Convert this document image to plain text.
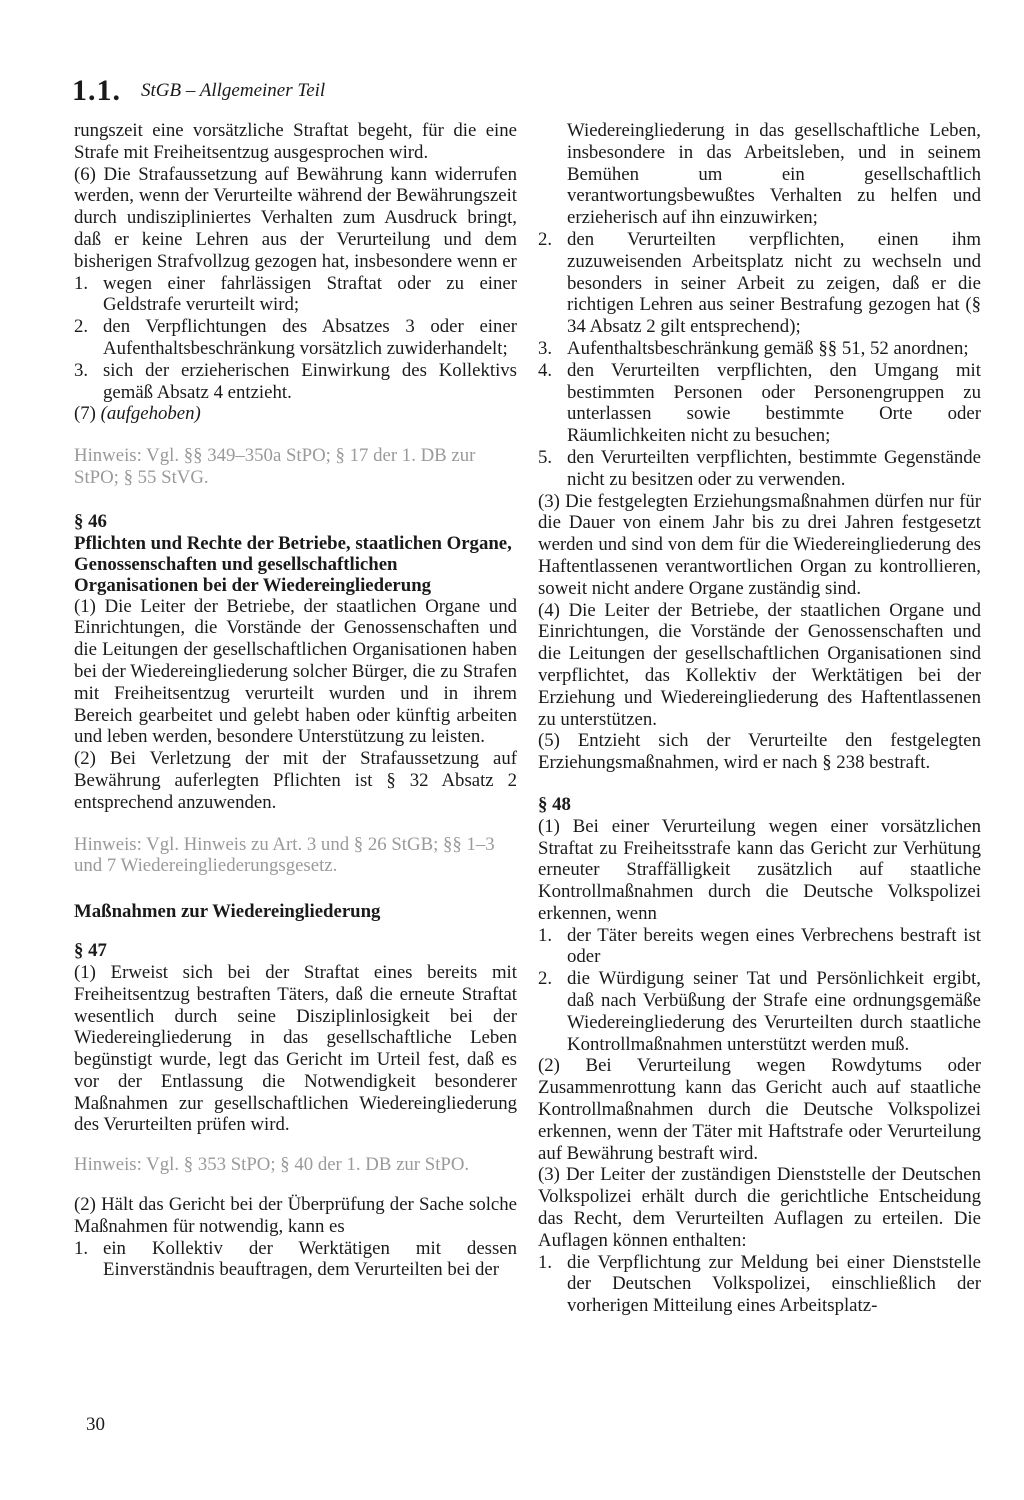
1.1. StGB – Allgemeiner Teil

rungszeit eine vorsätzliche Straftat begeht, für die eine Strafe mit Freiheitsentzug ausgesprochen wird.

(6) Die Strafaussetzung auf Bewährung kann widerrufen werden, wenn der Verurteilte während der Bewährungszeit durch undiszipliniertes Verhalten zum Ausdruck bringt, daß er keine Lehren aus der Verurteilung und dem bisherigen Strafvollzug gezogen hat, insbesondere wenn er

1. wegen einer fahrlässigen Straftat oder zu einer Geldstrafe verurteilt wird;
2. den Verpflichtungen des Absatzes 3 oder einer Aufenthaltsbeschränkung vorsätzlich zuwiderhandelt;
3. sich der erzieherischen Einwirkung des Kollektivs gemäß Absatz 4 entzieht.

(7) (aufgehoben)

Hinweis: Vgl. §§ 349–350a StPO; § 17 der 1. DB zur StPO; § 55 StVG.

§ 46

Pflichten und Rechte der Betriebe, staatlichen Organe, Genossenschaften und gesellschaftlichen Organisationen bei der Wiedereingliederung

(1) Die Leiter der Betriebe, der staatlichen Organe und Einrichtungen, die Vorstände der Genossenschaften und die Leitungen der gesellschaftlichen Organisationen haben bei der Wiedereingliederung solcher Bürger, die zu Strafen mit Freiheitsentzug verurteilt wurden und in ihrem Bereich gearbeitet und gelebt haben oder künftig arbeiten und leben werden, besondere Unterstützung zu leisten.

(2) Bei Verletzung der mit der Strafaussetzung auf Bewährung auferlegten Pflichten ist § 32 Absatz 2 entsprechend anzuwenden.

Hinweis: Vgl. Hinweis zu Art. 3 und § 26 StGB; §§ 1–3 und 7 Wiedereingliederungsgesetz.

Maßnahmen zur Wiedereingliederung

§ 47

(1) Erweist sich bei der Straftat eines bereits mit Freiheitsentzug bestraften Täters, daß die erneute Straftat wesentlich durch seine Disziplinlosigkeit bei der Wiedereingliederung in das gesellschaftliche Leben begünstigt wurde, legt das Gericht im Urteil fest, daß es vor der Entlassung die Notwendigkeit besonderer Maßnahmen zur gesellschaftlichen Wiedereingliederung des Verurteilten prüfen wird.

Hinweis: Vgl. § 353 StPO; § 40 der 1. DB zur StPO.

(2) Hält das Gericht bei der Überprüfung der Sache solche Maßnahmen für notwendig, kann es

1. ein Kollektiv der Werktätigen mit dessen Einverständnis beauftragen, dem Verurteilten bei der
Wiedereingliederung in das gesellschaftliche Leben, insbesondere in das Arbeitsleben, und in seinem Bemühen um ein gesellschaftlich verantwortungsbewußtes Verhalten zu helfen und erzieherisch auf ihn einzuwirken;
2. den Verurteilten verpflichten, einen ihm zuzuweisenden Arbeitsplatz nicht zu wechseln und besonders in seiner Arbeit zu zeigen, daß er die richtigen Lehren aus seiner Bestrafung gezogen hat (§ 34 Absatz 2 gilt entsprechend);
3. Aufenthaltsbeschränkung gemäß §§ 51, 52 anordnen;
4. den Verurteilten verpflichten, den Umgang mit bestimmten Personen oder Personengruppen zu unterlassen sowie bestimmte Orte oder Räumlichkeiten nicht zu besuchen;
5. den Verurteilten verpflichten, bestimmte Gegenstände nicht zu besitzen oder zu verwenden.

(3) Die festgelegten Erziehungsmaßnahmen dürfen nur für die Dauer von einem Jahr bis zu drei Jahren festgesetzt werden und sind von dem für die Wiedereingliederung des Haftentlassenen verantwortlichen Organ zu kontrollieren, soweit nicht andere Organe zuständig sind.

(4) Die Leiter der Betriebe, der staatlichen Organe und Einrichtungen, die Vorstände der Genossenschaften und die Leitungen der gesellschaftlichen Organisationen sind verpflichtet, das Kollektiv der Werktätigen bei der Erziehung und Wiedereingliederung des Haftentlassenen zu unterstützen.

(5) Entzieht sich der Verurteilte den festgelegten Erziehungsmaßnahmen, wird er nach § 238 bestraft.

§ 48

(1) Bei einer Verurteilung wegen einer vorsätzlichen Straftat zu Freiheitsstrafe kann das Gericht zur Verhütung erneuter Straffälligkeit zusätzlich auf staatliche Kontrollmaßnahmen durch die Deutsche Volkspolizei erkennen, wenn

1. der Täter bereits wegen eines Verbrechens bestraft ist oder
2. die Würdigung seiner Tat und Persönlichkeit ergibt, daß nach Verbüßung der Strafe eine ordnungsgemäße Wiedereingliederung des Verurteilten durch staatliche Kontrollmaßnahmen unterstützt werden muß.

(2) Bei Verurteilung wegen Rowdytums oder Zusammenrottung kann das Gericht auch auf staatliche Kontrollmaßnahmen durch die Deutsche Volkspolizei erkennen, wenn der Täter mit Haftstrafe oder Verurteilung auf Bewährung bestraft wird.

(3) Der Leiter der zuständigen Dienststelle der Deutschen Volkspolizei erhält durch die gerichtliche Entscheidung das Recht, dem Verurteilten Auflagen zu erteilen. Die Auflagen können enthalten:

1. die Verpflichtung zur Meldung bei einer Dienststelle der Deutschen Volkspolizei, einschließlich der vorherigen Mitteilung eines Arbeitsplatz-
30
